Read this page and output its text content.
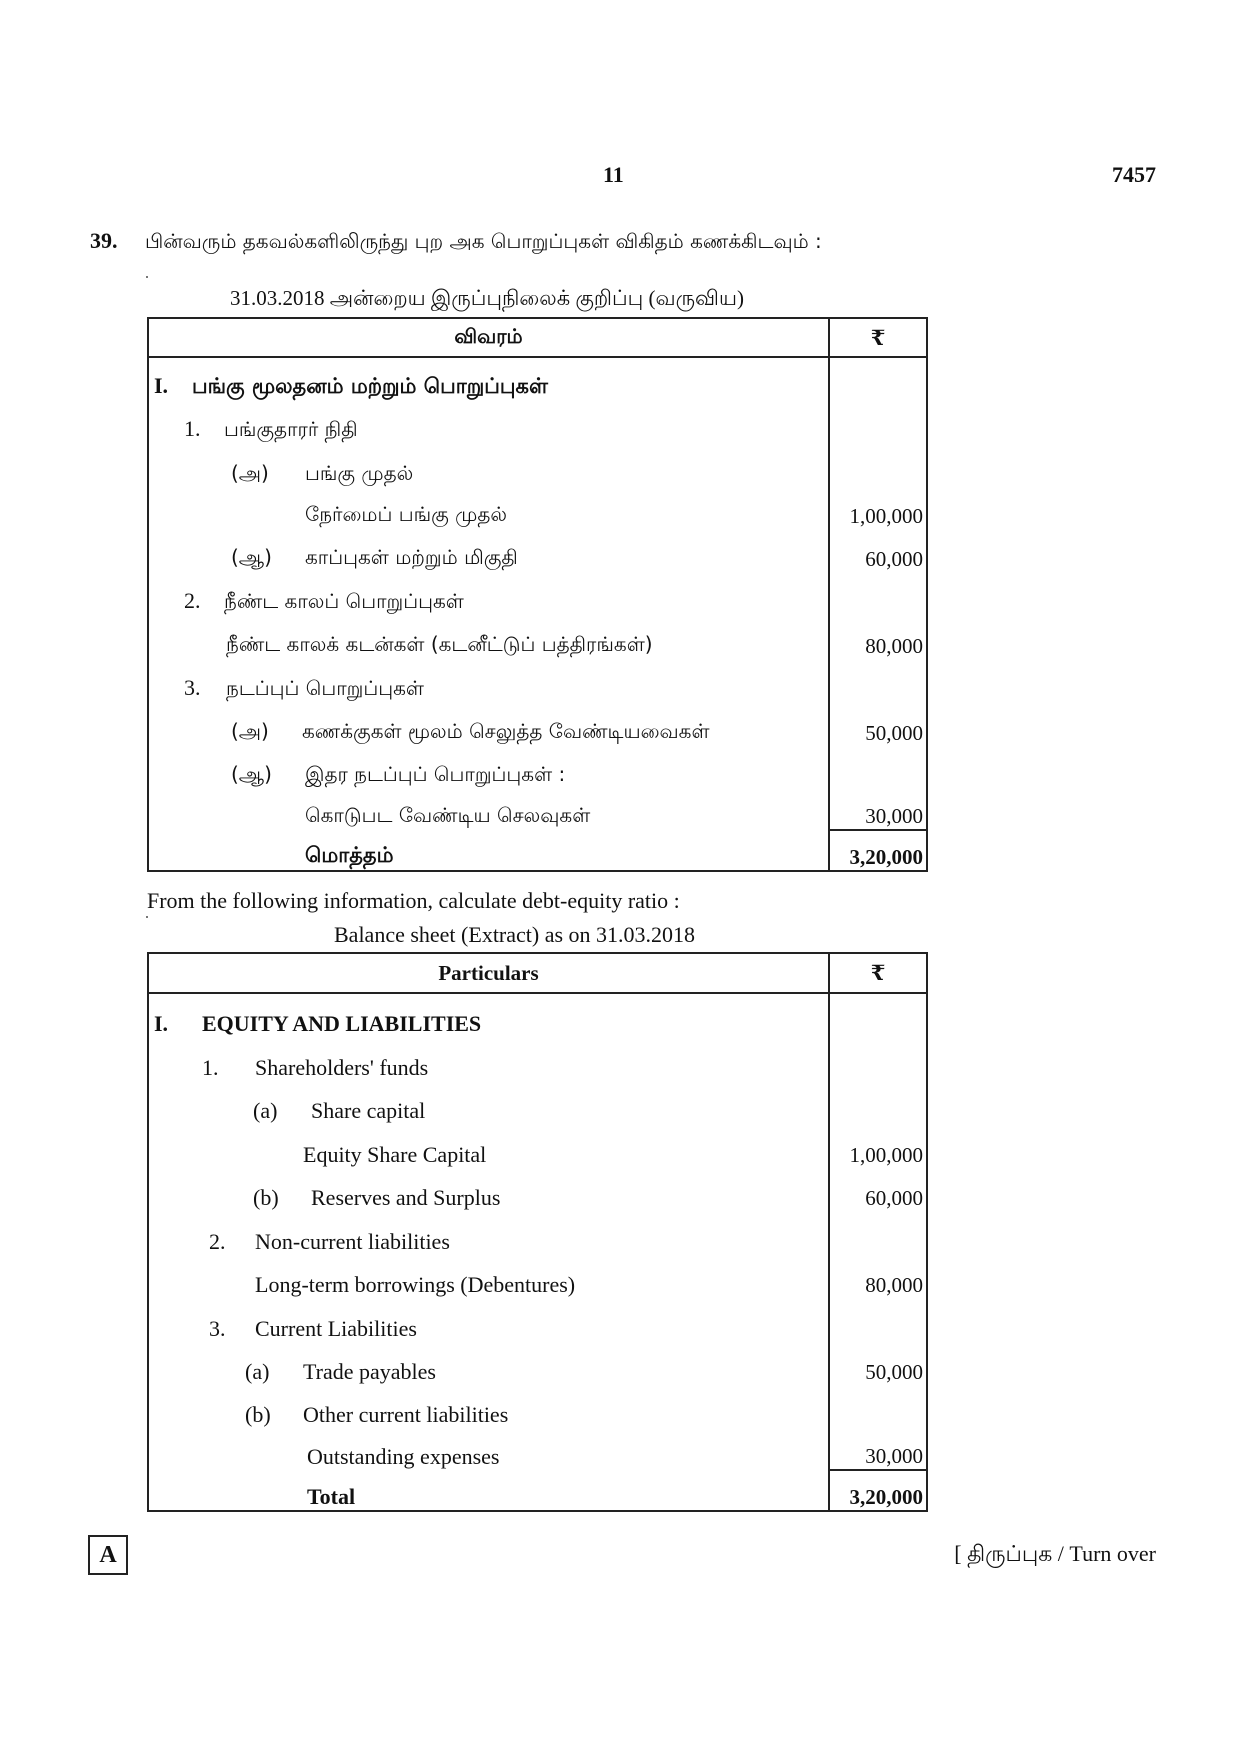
11	7457
39. பின்வரும் தகவல்களிலிருந்து புற அக பொறுப்புகள் விகிதம் கணக்கிடவும் :
31.03.2018 அன்றைய இருப்புநிலைக் குறிப்பு (வருவிய)
விவரம்	₹
I. பங்கு மூலதனம் மற்றும் பொறுப்புகள்	
1. பங்குதாரர் நிதி	
(அ) பங்கு முதல்	
நேர்மைப் பங்கு முதல்	1,00,000
(ஆ) காப்புகள் மற்றும் மிகுதி	60,000
2. நீண்ட காலப் பொறுப்புகள்	
நீண்ட காலக் கடன்கள் (கடனீட்டுப் பத்திரங்கள்)	80,000
3. நடப்புப் பொறுப்புகள்	
(அ) கணக்குகள் மூலம் செலுத்த வேண்டியவைகள்	50,000
(ஆ) இதர நடப்புப் பொறுப்புகள் :	
கொடுபட வேண்டிய செலவுகள்	30,000
மொத்தம்	3,20,000
From the following information, calculate debt-equity ratio :
Balance sheet (Extract) as on 31.03.2018
Particulars	₹
I. EQUITY AND LIABILITIES	
1. Shareholders' funds	
(a) Share capital	
Equity Share Capital	1,00,000
(b) Reserves and Surplus	60,000
2. Non-current liabilities	
Long-term borrowings (Debentures)	80,000
3. Current Liabilities	
(a) Trade payables	50,000
(b) Other current liabilities	
Outstanding expenses	30,000
Total	3,20,000
A	[ திருப்புக / Turn over
